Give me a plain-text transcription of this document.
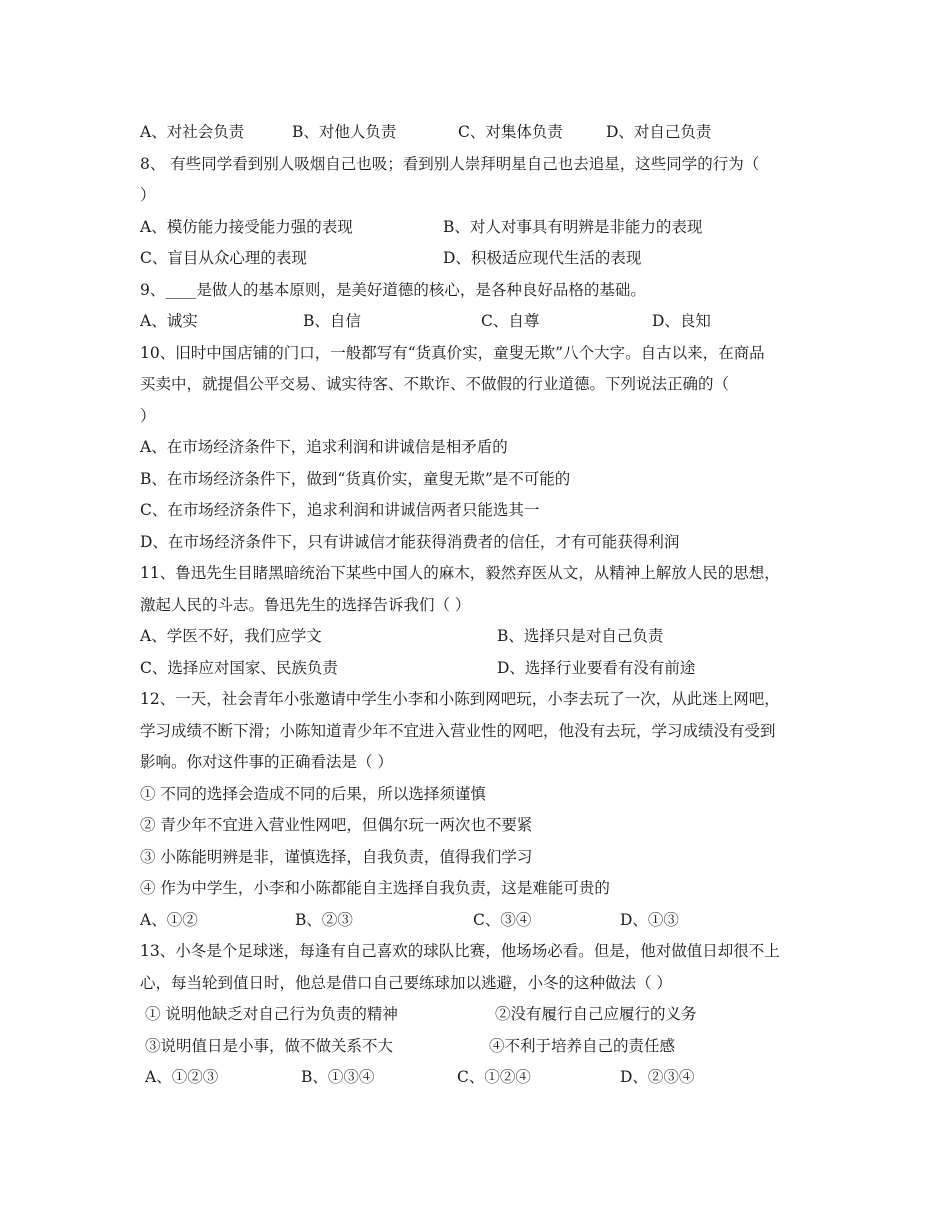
A、对社会负责	B、对他人负责	C、对集体负责	D、对自己负责
8、 有些同学看到别人吸烟自己也吸；看到别人崇拜明星自己也去追星，这些同学的行为（
）
A、模仿能力接受能力强的表现	B、对人对事具有明辨是非能力的表现
C、盲目从众心理的表现	D、积极适应现代生活的表现
9、____是做人的基本原则，是美好道德的核心，是各种良好品格的基础。
A、诚实	B、自信	C、自尊	D、良知
10、旧时中国店铺的门口，一般都写有“货真价实，童叟无欺”八个大字。自古以来，在商品
买卖中，就提倡公平交易、诚实待客、不欺诈、不做假的行业道德。下列说法正确的（
）
A、在市场经济条件下，追求利润和讲诚信是相矛盾的
B、在市场经济条件下，做到“货真价实，童叟无欺”是不可能的
C、在市场经济条件下，追求利润和讲诚信两者只能选其一
D、在市场经济条件下，只有讲诚信才能获得消费者的信任，才有可能获得利润
11、鲁迅先生目睹黑暗统治下某些中国人的麻木，毅然弃医从文，从精神上解放人民的思想，
激起人民的斗志。鲁迅先生的选择告诉我们（ ）
A、学医不好，我们应学文	B、选择只是对自己负责
C、选择应对国家、民族负责	D、选择行业要看有没有前途
12、一天，社会青年小张邀请中学生小李和小陈到网吧玩，小李去玩了一次，从此迷上网吧，
学习成绩不断下滑；小陈知道青少年不宜进入营业性的网吧，他没有去玩，学习成绩没有受到
影响。你对这件事的正确看法是（ ）
① 不同的选择会造成不同的后果，所以选择须谨慎
② 青少年不宜进入营业性网吧，但偶尔玩一两次也不要紧
③ 小陈能明辨是非，谨慎选择，自我负责，值得我们学习
④ 作为中学生，小李和小陈都能自主选择自我负责，这是难能可贵的
A、①②	B、②③	C、③④	D、①③
13、小冬是个足球迷，每逢有自己喜欢的球队比赛，他场场必看。但是，他对做值日却很不上
心，每当轮到值日时，他总是借口自己要练球加以逃避，小冬的这种做法（ ）
① 说明他缺乏对自己行为负责的精神	②没有履行自己应履行的义务
③说明值日是小事，做不做关系不大	④不利于培养自己的责任感
A、①②③	B、①③④	C、①②④	D、②③④
